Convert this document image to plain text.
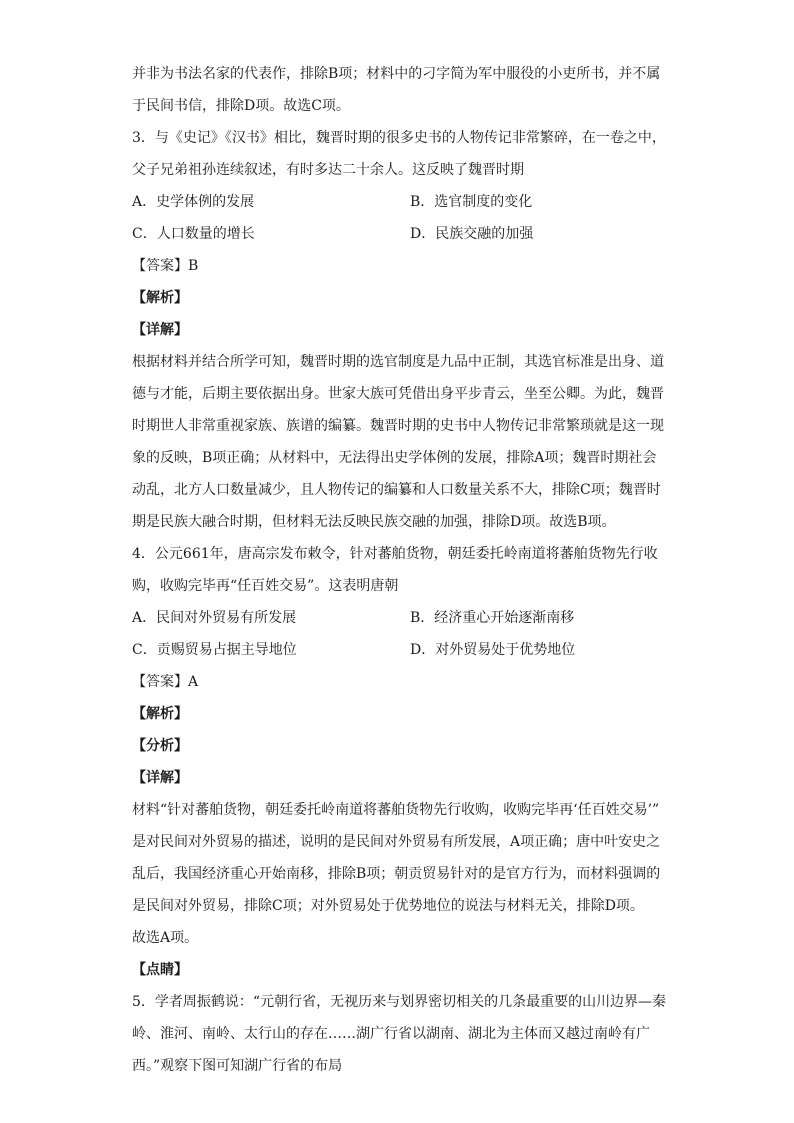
并非为书法名家的代表作，排除B项；材料中的刁字简为军中服役的小吏所书，并不属
于民间书信，排除D项。故选C项。
3．与《史记》《汉书》相比，魏晋时期的很多史书的人物传记非常繁碎，在一卷之中，
父子兄弟祖孙连续叙述，有时多达二十余人。这反映了魏晋时期
A．史学体例的发展	B．选官制度的变化
C．人口数量的增长	D．民族交融的加强
【答案】B
【解析】
【详解】
根据材料并结合所学可知，魏晋时期的选官制度是九品中正制，其选官标准是出身、道
德与才能，后期主要依据出身。世家大族可凭借出身平步青云，坐至公卿。为此，魏晋
时期世人非常重视家族、族谱的编纂。魏晋时期的史书中人物传记非常繁琐就是这一现
象的反映，B项正确；从材料中，无法得出史学体例的发展，排除A项；魏晋时期社会
动乱，北方人口数量减少，且人物传记的编纂和人口数量关系不大，排除C项；魏晋时
期是民族大融合时期，但材料无法反映民族交融的加强，排除D项。故选B项。
4．公元661年，唐高宗发布敕令，针对蕃舶货物，朝廷委托岭南道将蕃舶货物先行收
购，收购完毕再“任百姓交易”。这表明唐朝
A．民间对外贸易有所发展	B．经济重心开始逐渐南移
C．贡赐贸易占据主导地位	D．对外贸易处于优势地位
【答案】A
【解析】
【分析】
【详解】
材料“针对蕃舶货物，朝廷委托岭南道将蕃舶货物先行收购，收购完毕再‘任百姓交易’”
是对民间对外贸易的描述，说明的是民间对外贸易有所发展，A项正确；唐中叶安史之
乱后，我国经济重心开始南移，排除B项；朝贡贸易针对的是官方行为，而材料强调的
是民间对外贸易，排除C项；对外贸易处于优势地位的说法与材料无关，排除D项。
故选A项。
【点睛】
5．学者周振鹤说：“元朝行省，无视历来与划界密切相关的几条最重要的山川边界—秦
岭、淮河、南岭、太行山的存在……湖广行省以湖南、湖北为主体而又越过南岭有广
西。”观察下图可知湖广行省的布局
